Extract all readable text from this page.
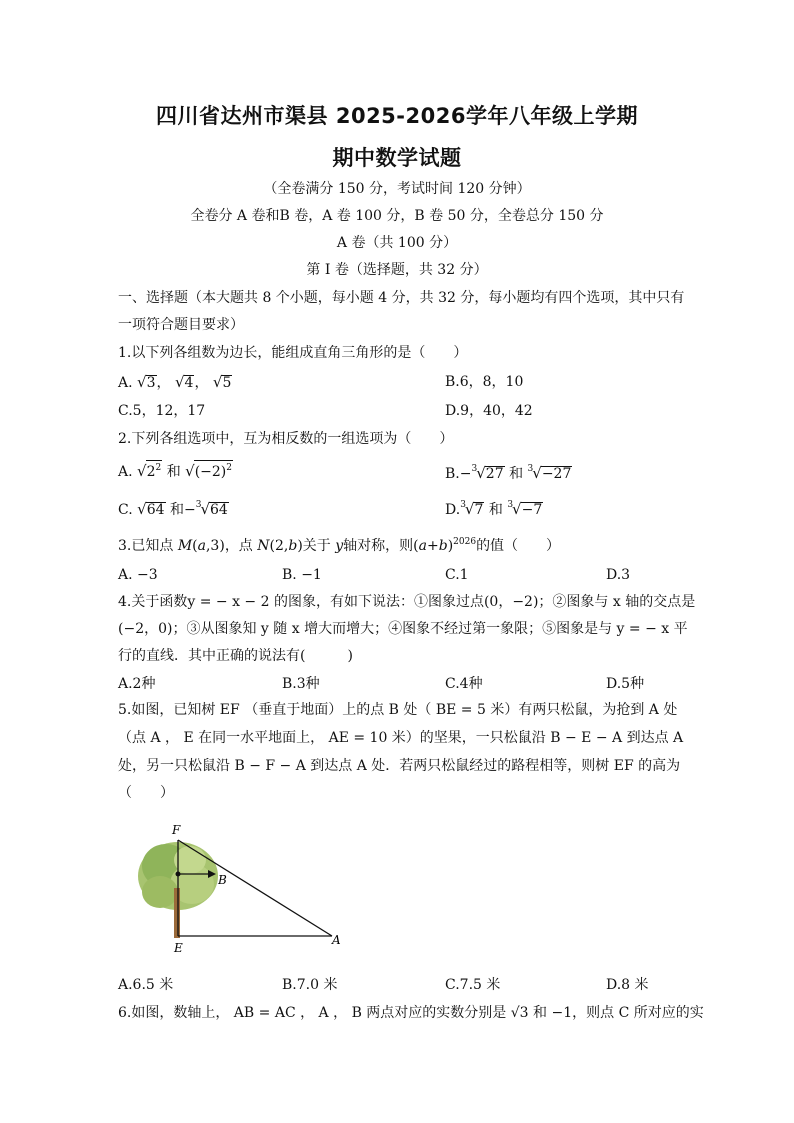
四川省达州市渠县 2025-2026学年八年级上学期
期中数学试题
（全卷满分 150 分，考试时间 120 分钟）
全卷分 A 卷和B 卷，A 卷 100 分，B 卷 50 分，全卷总分 150 分
A 卷（共 100 分）
第 I 卷（选择题，共 32 分）
一、选择题（本大题共 8 个小题，每小题 4 分，共 32 分，每小题均有四个选项，其中只有
一项符合题目要求）
1.以下列各组数为边长，能组成直角三角形的是（　　）
A. √3， √4， √5	B.6，8，10
C.5，12，17	D.9，40，42
2.下列各组选项中，互为相反数的一组选项为（　　）
A. $√2^2$ 和 $√(-2)^2$	B.−$^3$√27 和 $^3$√−27
C. √64 和−$^3$√64	D.$^3$√7 和 $^3$√−7
3.已知点 M(a,3)，点 N(2,b)关于 y轴对称，则$(a+b)^{2026}$的值（　　）
A. −3	B. −1	C.1	D.3
4.关于函数y = − x − 2 的图象，有如下说法：①图象过点(0，−2)；②图象与 x 轴的交点是
(−2，0)；③从图象知 y 随 x 增大而增大；④图象不经过第一象限；⑤图象是与 y = − x 平
行的直线．其中正确的说法有(　　　)
A.2种	B.3种	C.4种	D.5种
5.如图，已知树 EF （垂直于地面）上的点 B 处（ BE = 5 米）有两只松鼠，为抢到 A 处
（点 A ， E 在同一水平地面上， AE = 10 米）的坚果，一只松鼠沿 B − E − A 到达点 A
处，另一只松鼠沿 B − F − A 到达点 A 处．若两只松鼠经过的路程相等，则树 EF 的高为
（　　）
F
B
E
A
A.6.5 米	B.7.0 米	C.7.5 米	D.8 米
6.如图，数轴上， AB = AC ， A ， B 两点对应的实数分别是 √3 和 −1，则点 C 所对应的实
